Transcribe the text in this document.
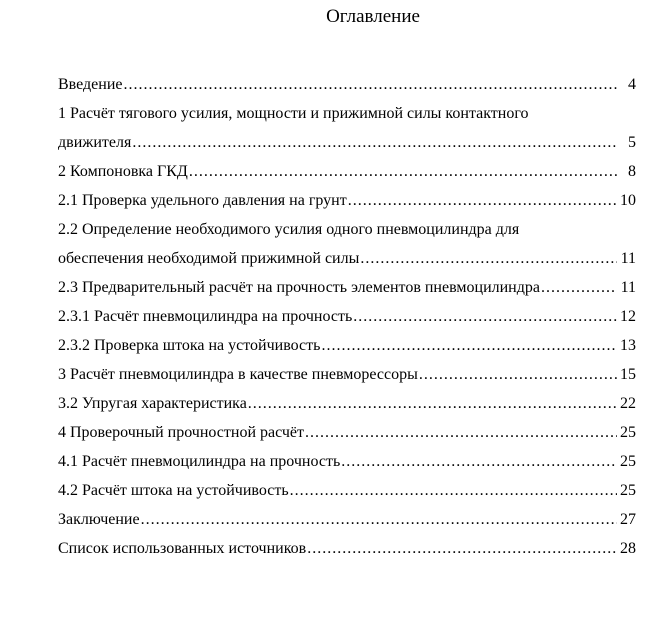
Оглавление
Введение .....	4
1 Расчёт тягового усилия, мощности и прижимной силы контактного
движителя .....	5
2 Компоновка ГКД .....	8
2.1 Проверка удельного давления на грунт .....	10
2.2 Определение необходимого усилия одного пневмоцилиндра для
обеспечения необходимой прижимной силы .....	11
2.3 Предварительный расчёт на прочность элементов пневмоцилиндра .....	11
2.3.1 Расчёт пневмоцилиндра на прочность .....	12
2.3.2 Проверка штока на устойчивость .....	13
3 Расчёт пневмоцилиндра в качестве пневморессоры .....	15
3.2 Упругая характеристика .....	22
4 Проверочный прочностной расчёт .....	25
4.1 Расчёт пневмоцилиндра на прочность .....	25
4.2 Расчёт штока на устойчивость .....	25
Заключение .....	27
Список использованных источников .....	28
